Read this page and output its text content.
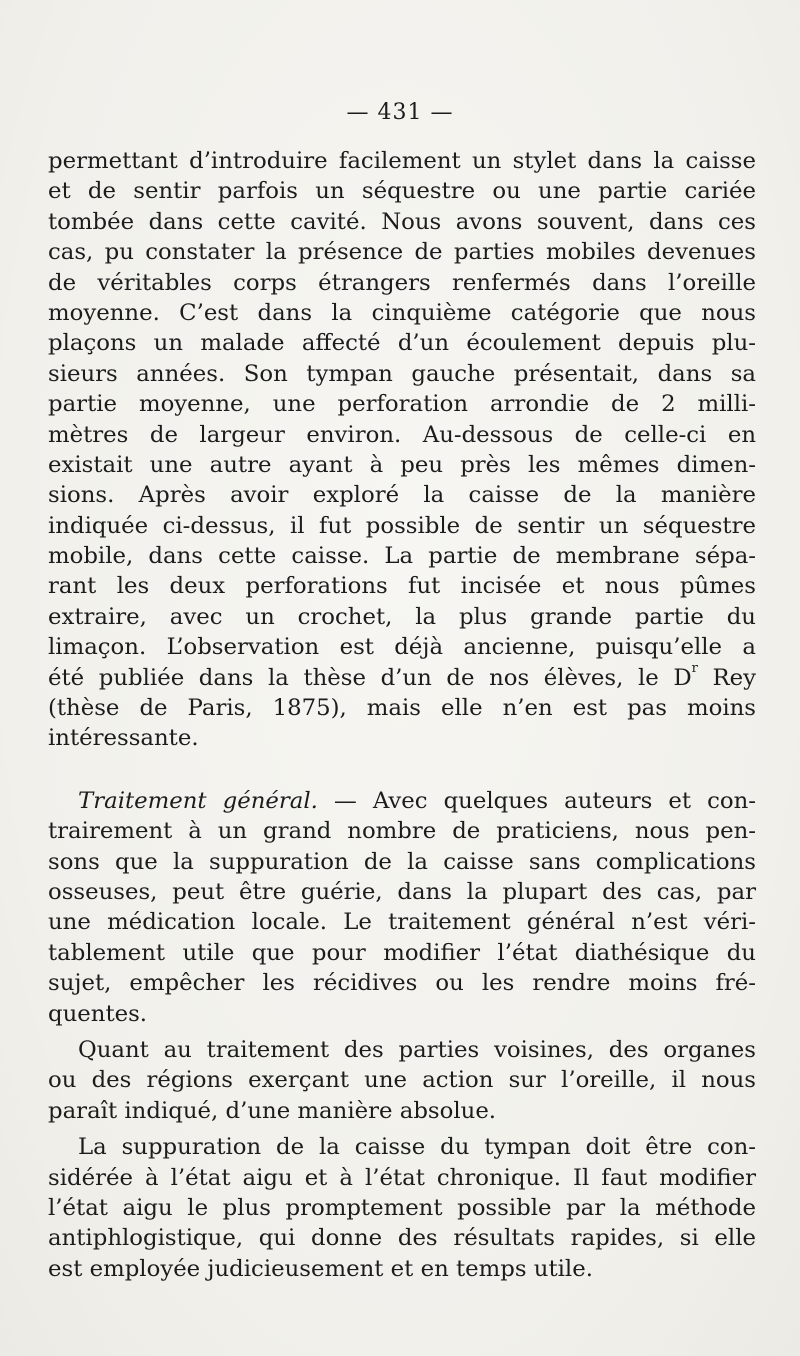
— 431 —
permettant d’introduire facilement un stylet dans la caisse
et de sentir parfois un séquestre ou une partie cariée
tombée dans cette cavité. Nous avons souvent, dans ces
cas, pu constater la présence de parties mobiles devenues
de véritables corps étrangers renfermés dans l’oreille
moyenne. C’est dans la cinquième catégorie que nous
plaçons un malade affecté d’un écoulement depuis plu-
sieurs années. Son tympan gauche présentait, dans sa
partie moyenne, une perforation arrondie de 2 milli-
mètres de largeur environ. Au-dessous de celle-ci en
existait une autre ayant à peu près les mêmes dimen-
sions. Après avoir exploré la caisse de la manière
indiquée ci-dessus, il fut possible de sentir un séquestre
mobile, dans cette caisse. La partie de membrane sépa-
rant les deux perforations fut incisée et nous pûmes
extraire, avec un crochet, la plus grande partie du
limaçon. L’observation est déjà ancienne, puisqu’elle a
été publiée dans la thèse d’un de nos élèves, le $D^r$ Rey
(thèse de Paris, 1875), mais elle n’en est pas moins
intéressante.
Traitement général. — Avec quelques auteurs et con-
trairement à un grand nombre de praticiens, nous pen-
sons que la suppuration de la caisse sans complications
osseuses, peut être guérie, dans la plupart des cas, par
une médication locale. Le traitement général n’est véri-
tablement utile que pour modifier l’état diathésique du
sujet, empêcher les récidives ou les rendre moins fré-
quentes.
Quant au traitement des parties voisines, des organes
ou des régions exerçant une action sur l’oreille, il nous
paraît indiqué, d’une manière absolue.
La suppuration de la caisse du tympan doit être con-
sidérée à l’état aigu et à l’état chronique. Il faut modifier
l’état aigu le plus promptement possible par la méthode
antiphlogistique, qui donne des résultats rapides, si elle
est employée judicieusement et en temps utile.
